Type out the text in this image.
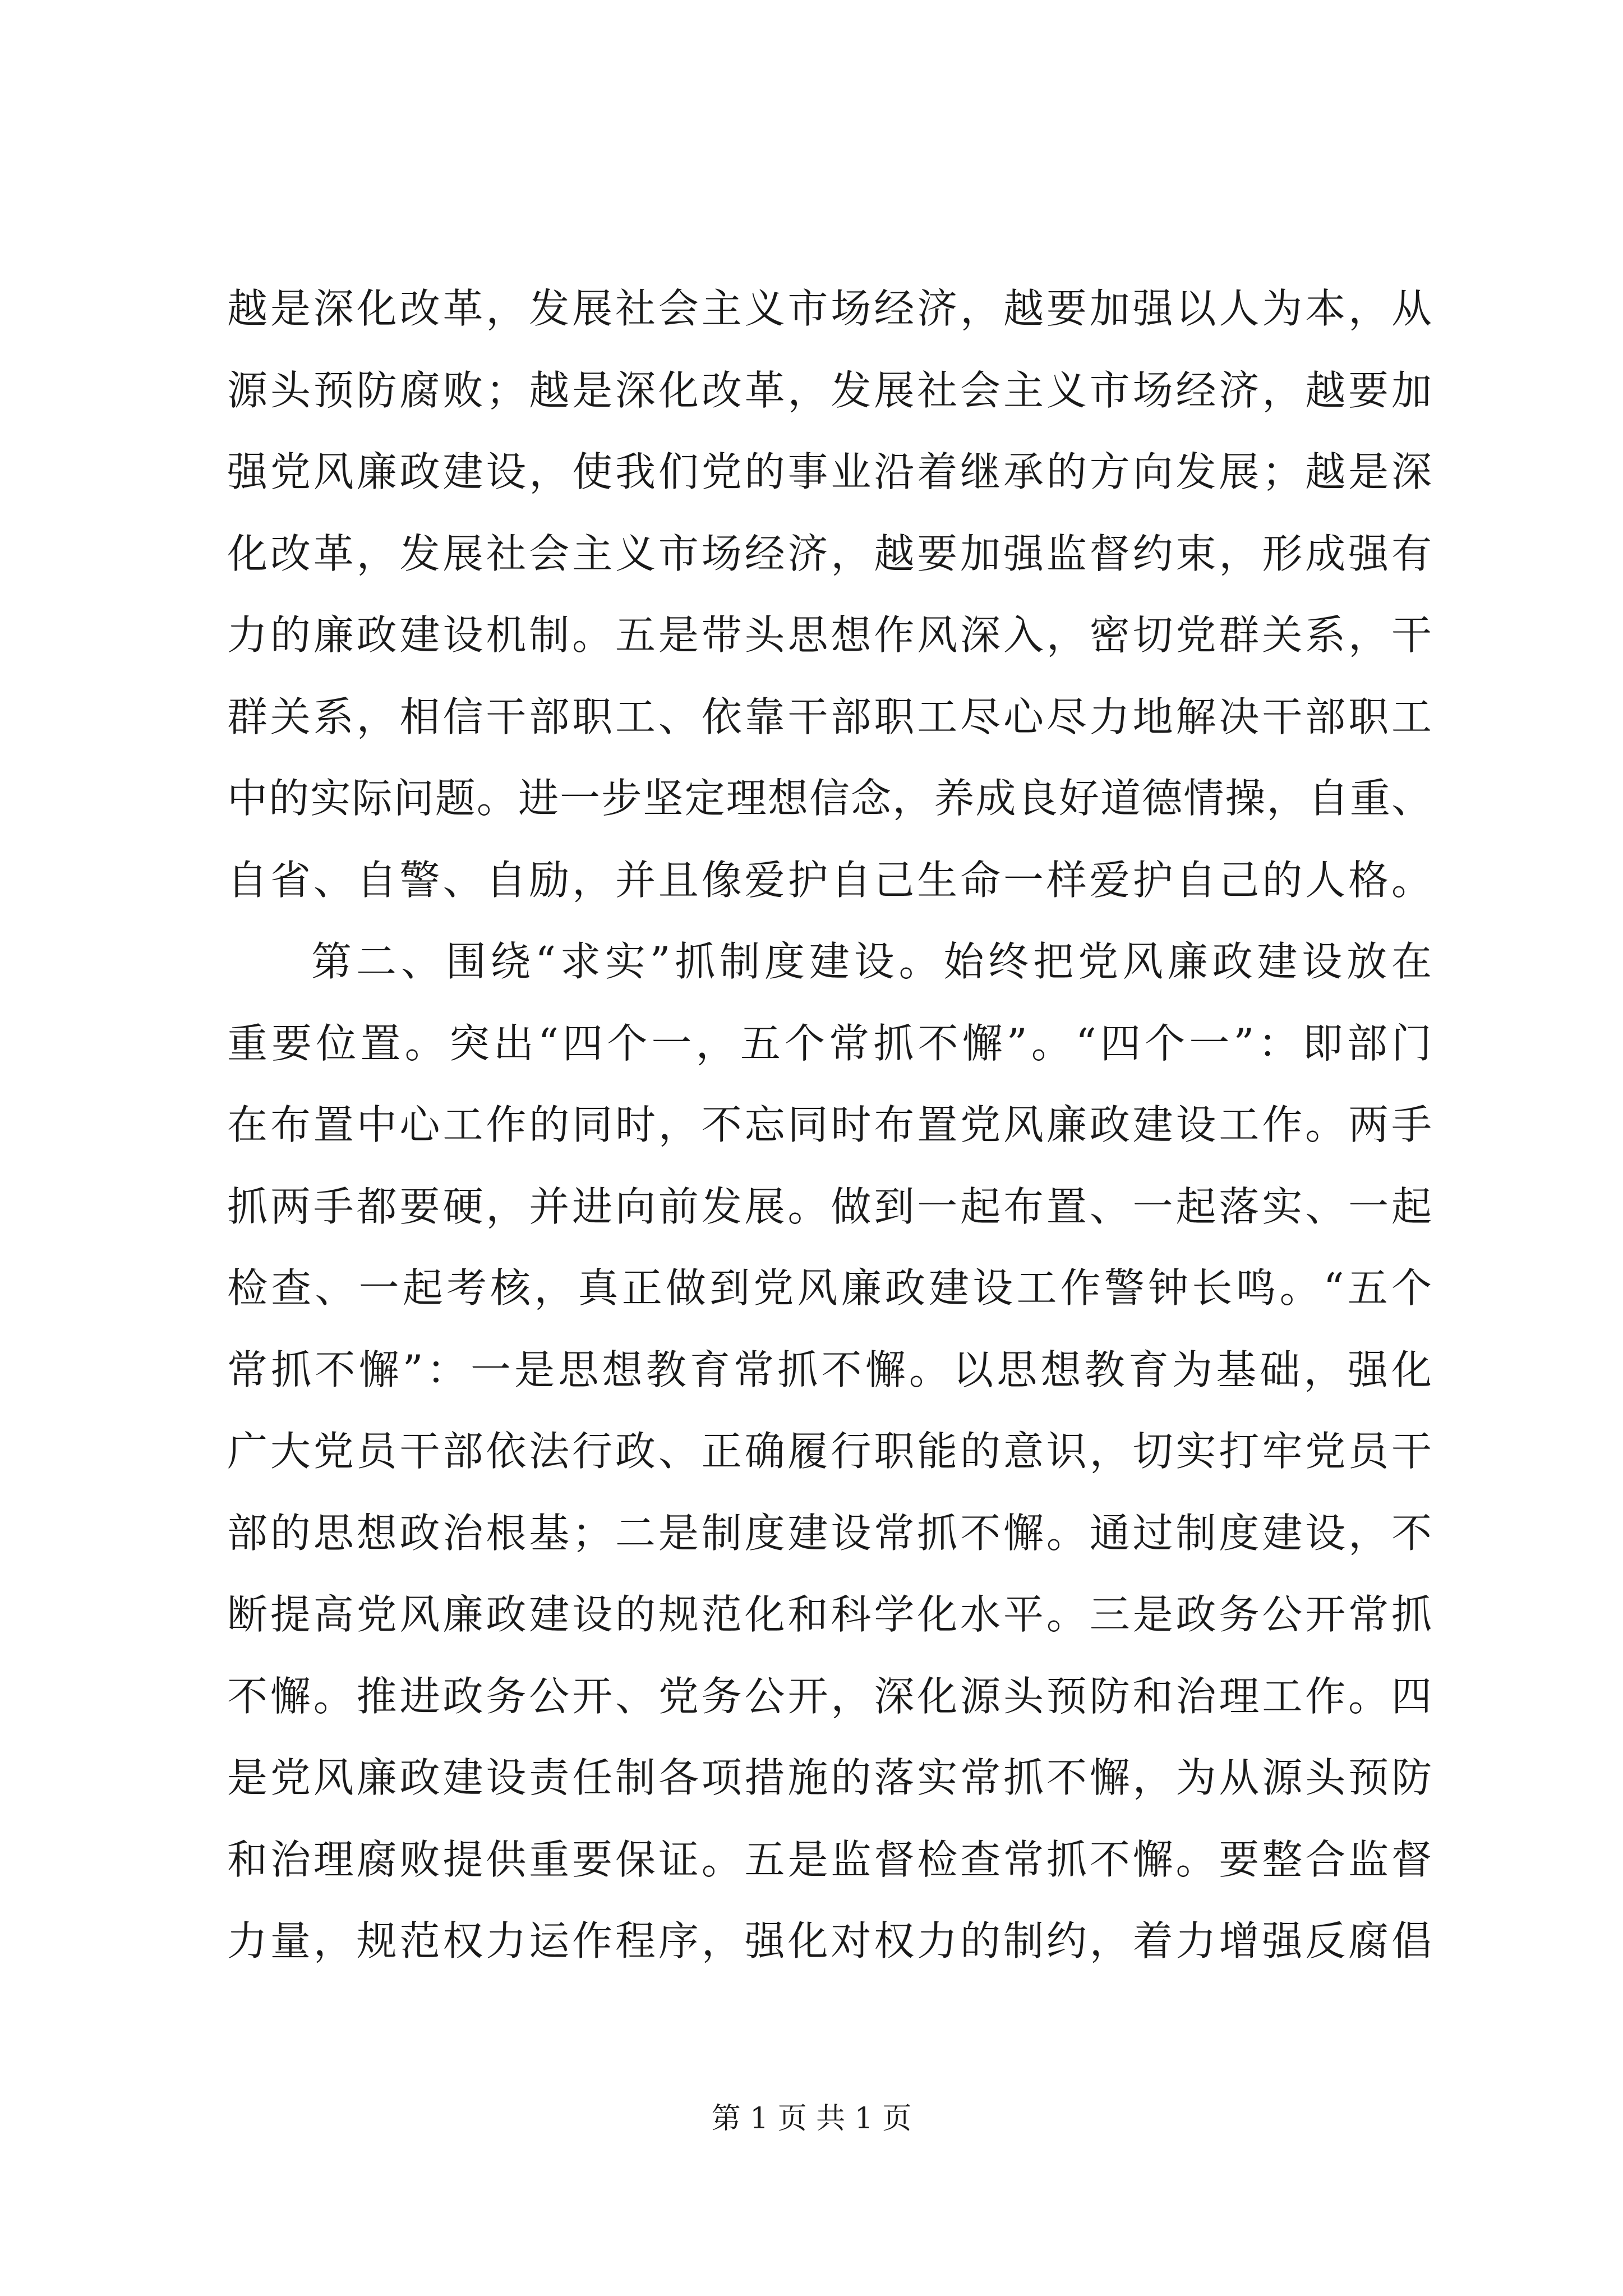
越是深化改革，发展社会主义市场经济，越要加强以人为本，从
源头预防腐败；越是深化改革，发展社会主义市场经济，越要加
强党风廉政建设，使我们党的事业沿着继承的方向发展；越是深
化改革，发展社会主义市场经济，越要加强监督约束，形成强有
力的廉政建设机制。五是带头思想作风深入，密切党群关系，干
群关系，相信干部职工、依靠干部职工尽心尽力地解决干部职工
中的实际问题。进一步坚定理想信念，养成良好道德情操，自重、
自省、自警、自励，并且像爱护自己生命一样爱护自己的人格。
第二、围绕“求实”抓制度建设。始终把党风廉政建设放在
重要位置。突出“四个一，五个常抓不懈”。“四个一”：即部门
在布置中心工作的同时，不忘同时布置党风廉政建设工作。两手
抓两手都要硬，并进向前发展。做到一起布置、一起落实、一起
检查、一起考核，真正做到党风廉政建设工作警钟长鸣。“五个
常抓不懈”：一是思想教育常抓不懈。以思想教育为基础，强化
广大党员干部依法行政、正确履行职能的意识，切实打牢党员干
部的思想政治根基；二是制度建设常抓不懈。通过制度建设，不
断提高党风廉政建设的规范化和科学化水平。三是政务公开常抓
不懈。推进政务公开、党务公开，深化源头预防和治理工作。四
是党风廉政建设责任制各项措施的落实常抓不懈，为从源头预防
和治理腐败提供重要保证。五是监督检查常抓不懈。要整合监督
力量，规范权力运作程序，强化对权力的制约，着力增强反腐倡
第 1 页 共 1 页
